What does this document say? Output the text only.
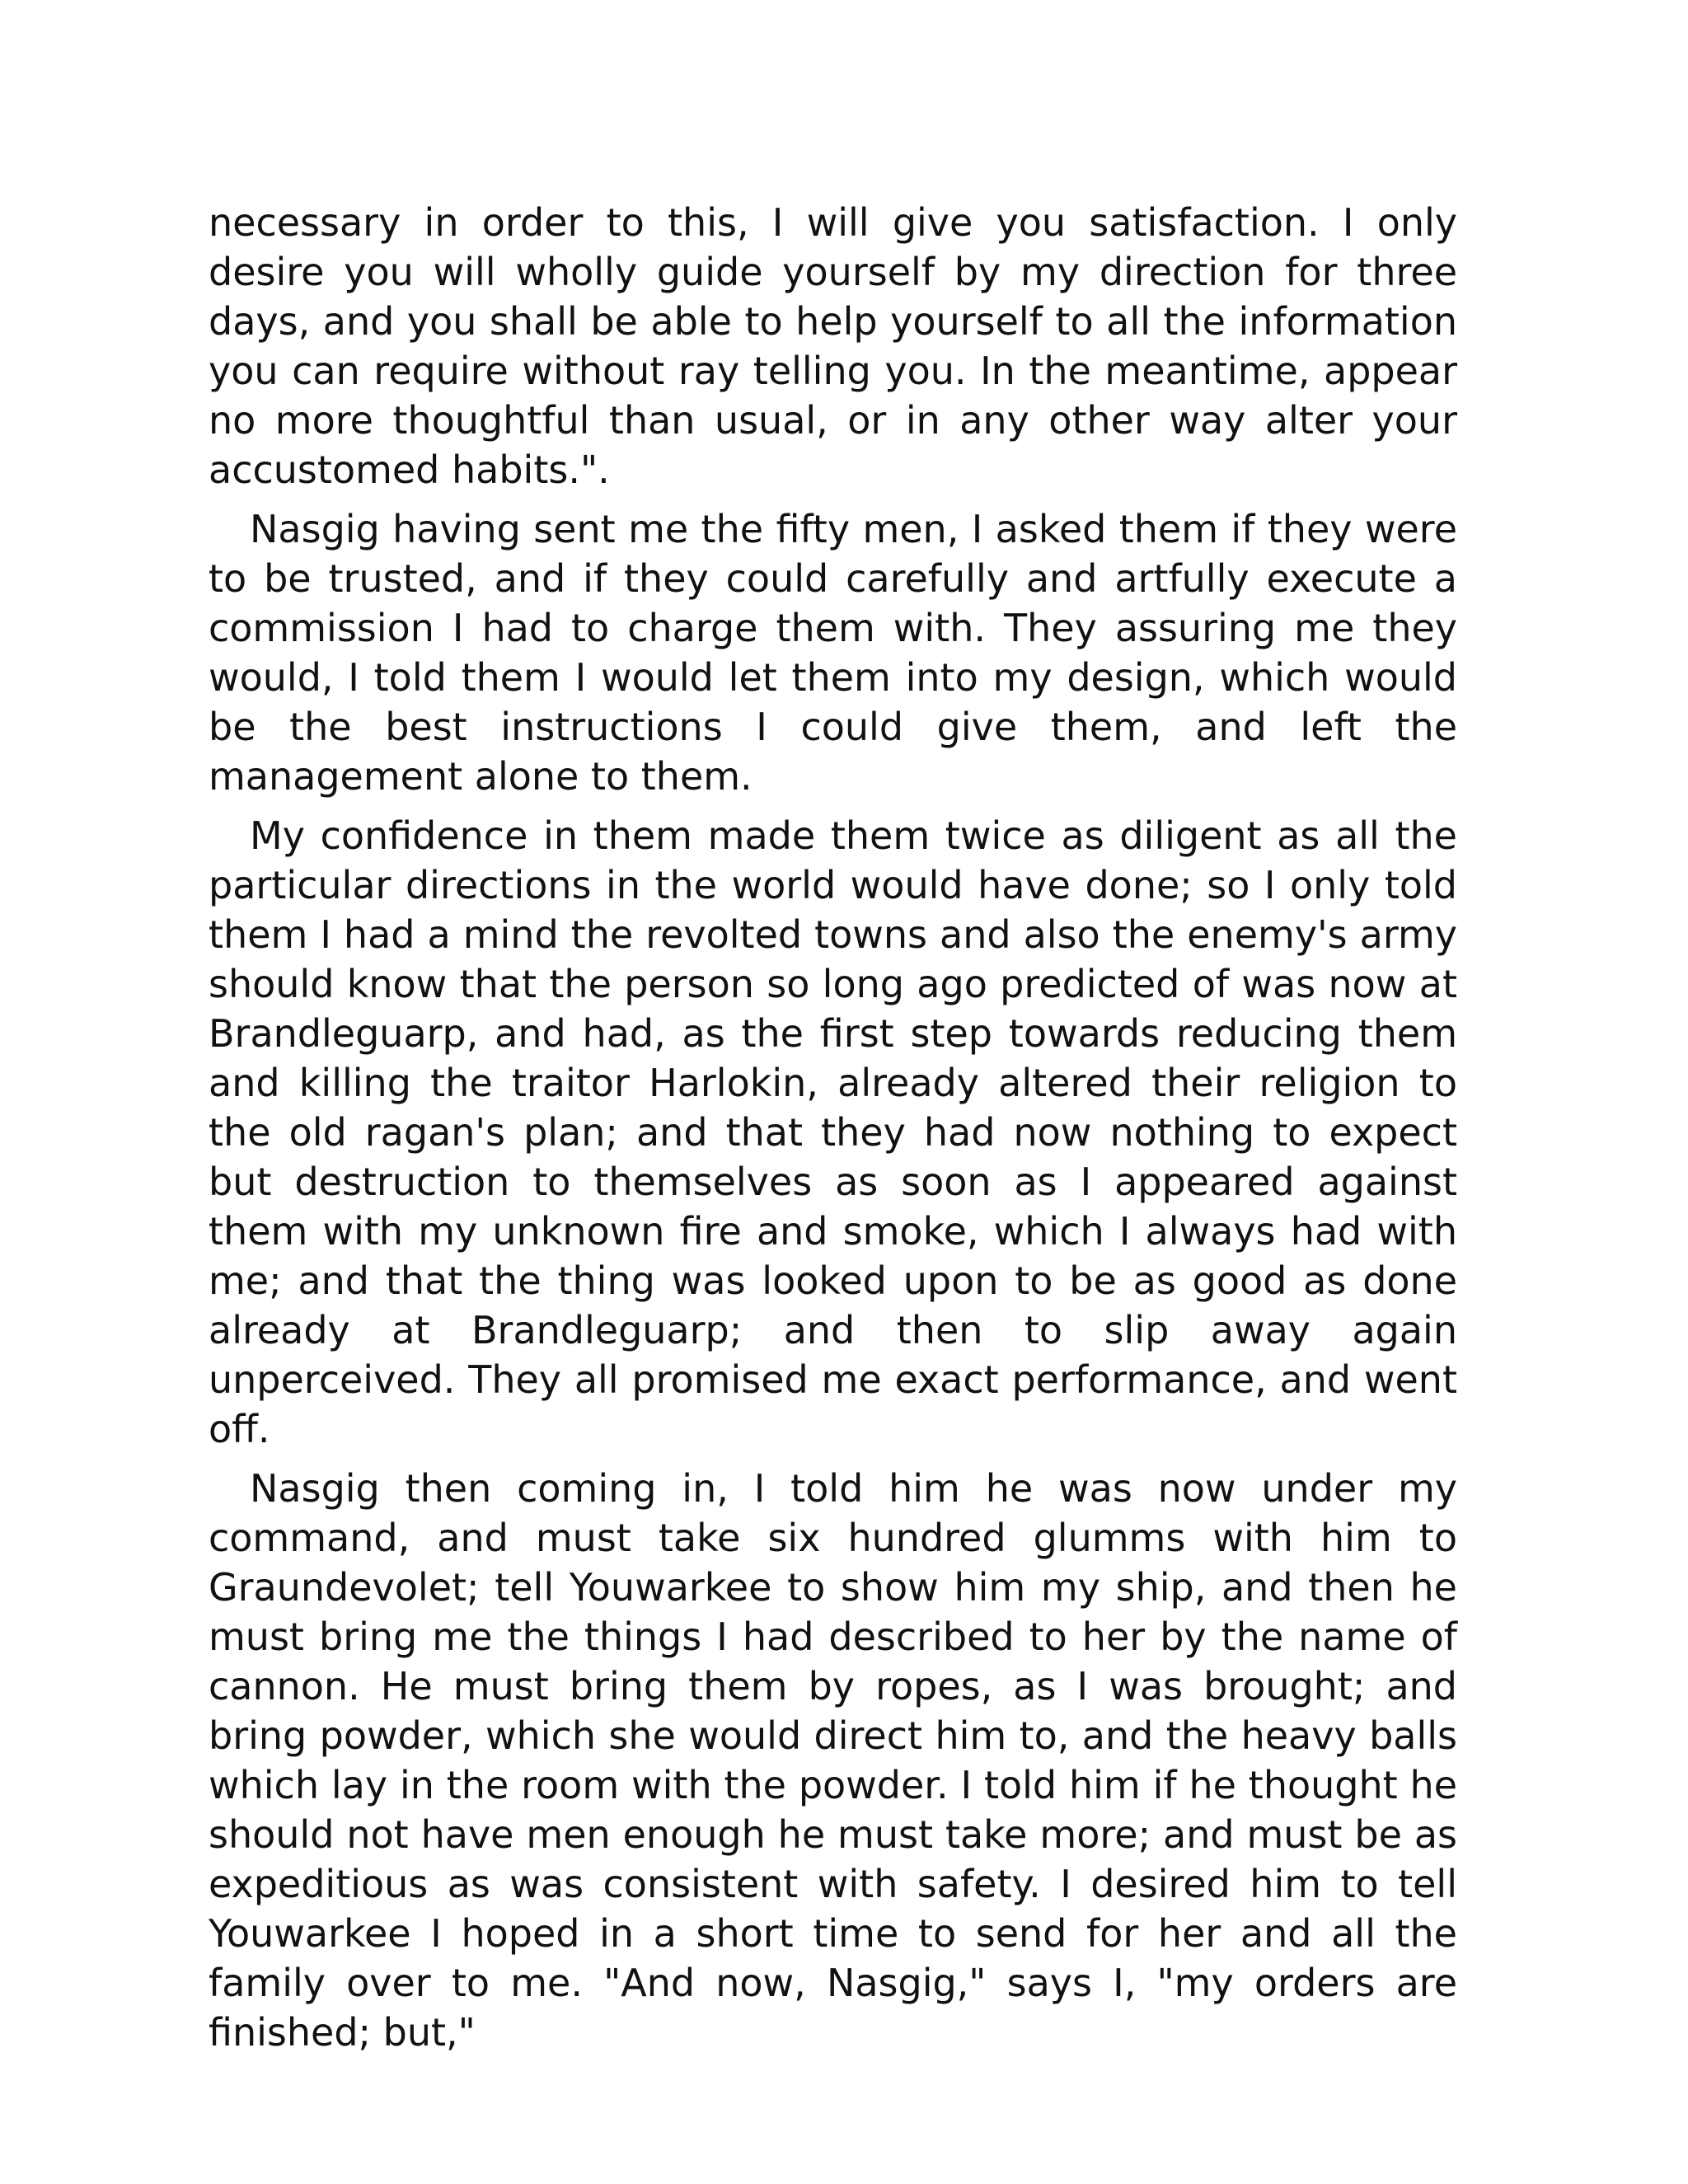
necessary in order to this, I will give you satisfaction. I only desire you will wholly guide yourself by my direction for three days, and you shall be able to help yourself to all the information you can require without ray telling you. In the meantime, appear no more thoughtful than usual, or in any other way alter your accustomed habits.".

Nasgig having sent me the fifty men, I asked them if they were to be trusted, and if they could carefully and artfully execute a commission I had to charge them with. They assuring me they would, I told them I would let them into my design, which would be the best instructions I could give them, and left the management alone to them.

My confidence in them made them twice as diligent as all the particular directions in the world would have done; so I only told them I had a mind the revolted towns and also the enemy's army should know that the person so long ago predicted of was now at Brandleguarp, and had, as the first step towards reducing them and killing the traitor Harlokin, already altered their religion to the old ragan's plan; and that they had now nothing to expect but destruction to themselves as soon as I appeared against them with my unknown fire and smoke, which I always had with me; and that the thing was looked upon to be as good as done already at Brandleguarp; and then to slip away again unperceived. They all promised me exact performance, and went off.

Nasgig then coming in, I told him he was now under my command, and must take six hundred glumms with him to Graundevolet; tell Youwarkee to show him my ship, and then he must bring me the things I had described to her by the name of cannon. He must bring them by ropes, as I was brought; and bring powder, which she would direct him to, and the heavy balls which lay in the room with the powder. I told him if he thought he should not have men enough he must take more; and must be as expeditious as was consistent with safety. I desired him to tell Youwarkee I hoped in a short time to send for her and all the family over to me. "And now, Nasgig," says I, "my orders are finished; but,"
